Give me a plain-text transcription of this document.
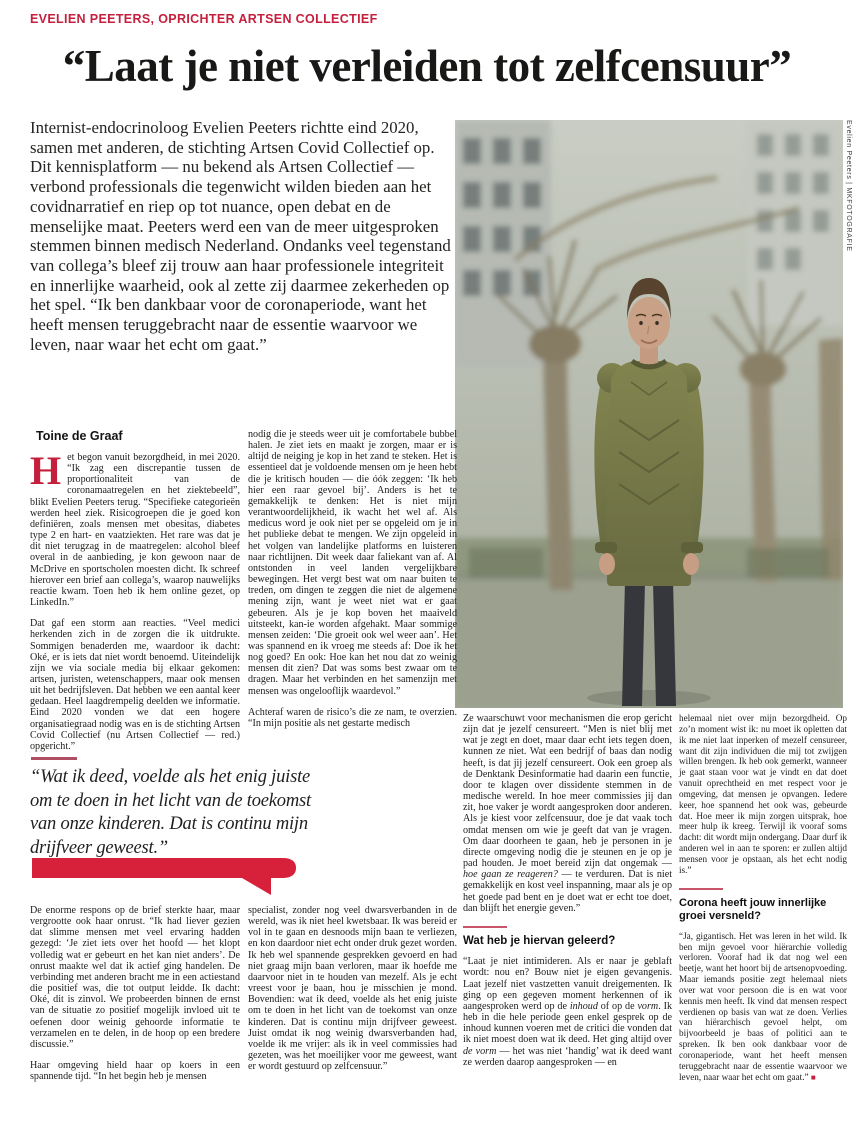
EVELIEN PEETERS, OPRICHTER ARTSEN COLLECTIEF
“Laat je niet verleiden tot zelfcensuur”
Internist-endocrinoloog Evelien Peeters richtte eind 2020, samen met anderen, de stichting Artsen Covid Collectief op. Dit kennisplatform — nu bekend als Artsen Collectief — verbond professionals die tegenwicht wilden bieden aan het covidnarratief en riep op tot nuance, open debat en de menselijke maat. Peeters werd een van de meer uitgesproken stemmen binnen medisch Nederland. Ondanks veel tegenstand van collega’s bleef zij trouw aan haar professionele integriteit en innerlijke waarheid, ook al zette zij daarmee zekerheden op het spel. “Ik ben dankbaar voor de coronaperiode, want het heeft mensen teruggebracht naar de essentie waarvoor we leven, naar waar het echt om gaat.”
Evelien Peeters | MKFOTOGRAFIE
Toine de Graaf

Het begon vanuit bezorgdheid, in mei 2020. “Ik zag een discrepantie tussen de proportionaliteit van de coronamaatregelen en het ziektebeeld”, blikt Evelien Peeters terug. “Specifieke categorieën werden heel ziek. Risicogroepen die je goed kon definiëren, zoals mensen met obesitas, diabetes type 2 en hart- en vaatziekten. Het rare was dat je dit niet terugzag in de maatregelen: alcohol bleef overal in de aanbieding, je kon gewoon naar de McDrive en sportscholen moesten dicht. Ik schreef hierover een brief aan collega’s, waarop nauwelijks reactie kwam. Toen heb ik hem online gezet, op LinkedIn.”

Dat gaf een storm aan reacties. “Veel medici herkenden zich in de zorgen die ik uitdrukte. Sommigen benaderden me, waardoor ik dacht: Oké, er is iets dat niet wordt benoemd. Uiteindelijk zijn we via sociale media bij elkaar gekomen: artsen, juristen, wetenschappers, maar ook mensen uit het bedrijfsleven. Dat hebben we een aantal keer gedaan. Heel laagdrempelig deelden we informatie. Eind 2020 vonden we dat een hogere organisatiegraad nodig was en is de stichting Artsen Covid Collectief (nu Artsen Collectief — red.) opgericht.”

nodig die je steeds weer uit je comfortabele bubbel halen. Je ziet iets en maakt je zorgen, maar er is altijd de neiging je kop in het zand te steken. Het is essentieel dat je voldoende mensen om je heen hebt die je kritisch houden — die óók zeggen: ‘Ik heb hier een raar gevoel bij’. Anders is het te gemakkelijk te denken: Het is niet mijn verantwoordelijkheid, ik wacht het wel af. Als medicus word je ook niet per se opgeleid om je in het publieke debat te mengen. We zijn opgeleid in het volgen van landelijke platforms en luisteren naar richtlijnen. Dit week daar faliekant van af. Al ontstonden in veel landen vergelijkbare bewegingen. Het vergt best wat om naar buiten te treden, om dingen te zeggen die niet de algemene mening zijn, want je weet niet wat er gaat gebeuren. Als je je kop boven het maaiveld uitsteekt, kan-ie worden afgehakt. Maar sommige mensen zeiden: ‘Die groeit ook wel weer aan’. Het was spannend en ik vroeg me steeds af: Doe ik het nog goed? En ook: Hoe kan het nou dat zo weinig mensen dit zien? Dat was soms best zwaar om te dragen. Maar het verbinden en het samenzijn met mensen was ongelooflijk waardevol.”

Achteraf waren de risico’s die ze nam, te overzien. “In mijn positie als net gestarte medisch

“Wat ik deed, voelde als het enig juiste om te doen in het licht van de toekomst van onze kinderen. Dat is continu mijn drijfveer geweest.”

De enorme respons op de brief sterkte haar, maar vergrootte ook haar onrust. “Ik had liever gezien dat slimme mensen met veel ervaring hadden gezegd: ‘Je ziet iets over het hoofd — het klopt volledig wat er gebeurt en het kan niet anders’. De onrust maakte wel dat ik actief ging handelen. De verbinding met anderen bracht me in een actiestand die positief was, die tot output leidde. Ik dacht: Oké, dit is zinvol. We probeerden binnen de ernst van de situatie zo positief mogelijk invloed uit te oefenen door weinig gehoorde informatie te verzamelen en te delen, in de hoop op een bredere discussie.”

Haar omgeving hield haar op koers in een spannende tijd. “In het begin heb je mensen

specialist, zonder nog veel dwarsverbanden in de wereld, was ik niet heel kwetsbaar. Ik was bereid er vol in te gaan en desnoods mijn baan te verliezen, en kon daardoor niet echt onder druk gezet worden. Ik heb wel spannende gesprekken gevoerd en had niet graag mijn baan verloren, maar ik hoefde me daarvoor niet in te houden van mezelf. Als je echt vreest voor je baan, hou je misschien je mond. Bovendien: wat ik deed, voelde als het enig juiste om te doen in het licht van de toekomst van onze kinderen. Dat is continu mijn drijfveer geweest. Juist omdat ik nog weinig dwarsverbanden had, voelde ik me vrijer: als ik in veel commissies had gezeten, was het moeilijker voor me geweest, want er wordt gestuurd op zelfcensuur.”

Ze waarschuwt voor mechanismen die erop gericht zijn dat je jezelf censureert. “Men is niet blij met wat je zegt en doet, maar daar echt iets tegen doen, kunnen ze niet. Wat een bedrijf of baas dan nodig heeft, is dat jij jezelf censureert. Ook een groep als de Denktank Desinformatie had daarin een functie, door te klagen over dissidente stemmen in de medische wereld. In hoe meer commissies jij dan zit, hoe vaker je wordt aangesproken door anderen. Als je kiest voor zelfcensuur, doe je dat vaak toch omdat mensen om wie je geeft dat van je vragen. Om daar doorheen te gaan, heb je personen in je directe omgeving nodig die je steunen en je op je pad houden. Je moet bereid zijn dat ongemak — hoe gaan ze reageren? — te verduren. Dat is niet gemakkelijk en kost veel inspanning, maar als je op het goede pad bent en je doet wat er echt toe doet, dan blijft het energie geven.”

Wat heb je hiervan geleerd?

“Laat je niet intimideren. Als er naar je geblaft wordt: nou en? Bouw niet je eigen gevangenis. Laat jezelf niet vastzetten vanuit dreigementen. Ik ging op een gegeven moment herkennen of ik aangesproken werd op de inhoud of op de vorm. Ik heb in die hele periode geen enkel gesprek op de inhoud kunnen voeren met de critici die vonden dat ik niet moest doen wat ik deed. Het ging altijd over de vorm — het was niet ‘handig’ wat ik deed want ze werden daarop aangesproken — en

helemaal niet over mijn bezorgdheid. Op zo’n moment wist ik: nu moet ik opletten dat ik me niet laat inperken of mezelf censureer, want dit zijn individuen die mij tot zwijgen willen brengen. Ik heb ook gemerkt, wanneer je gaat staan voor wat je vindt en dat doet vanuit oprechtheid en met respect voor je omgeving, dat mensen je opvangen. Iedere keer, hoe spannend het ook was, gebeurde dat. Hoe meer ik mijn zorgen uitsprak, hoe meer hulp ik kreeg. Terwijl ik vooraf soms dacht: dit wordt mijn ondergang. Daar durf ik anderen wel in aan te sporen: er zullen altijd mensen voor je opstaan, als het echt nodig is.”

Corona heeft jouw innerlijke groei versneld?

“Ja, gigantisch. Het was leren in het wild. Ik ben mijn gevoel voor hiërarchie volledig verloren. Vooraf had ik dat nog wel een beetje, want het hoort bij de artsenopvoeding. Maar iemands positie zegt helemaal niets over wat voor persoon die is en wat voor kennis men heeft. Ik vind dat mensen respect verdienen op basis van wat ze doen. Verlies van hiërarchisch gevoel helpt, om bijvoorbeeld je baas of politici aan te spreken. Ik ben ook dankbaar voor de coronaperiode, want het heeft mensen teruggebracht naar de essentie waarvoor we leven, naar waar het echt om gaat.” ■
